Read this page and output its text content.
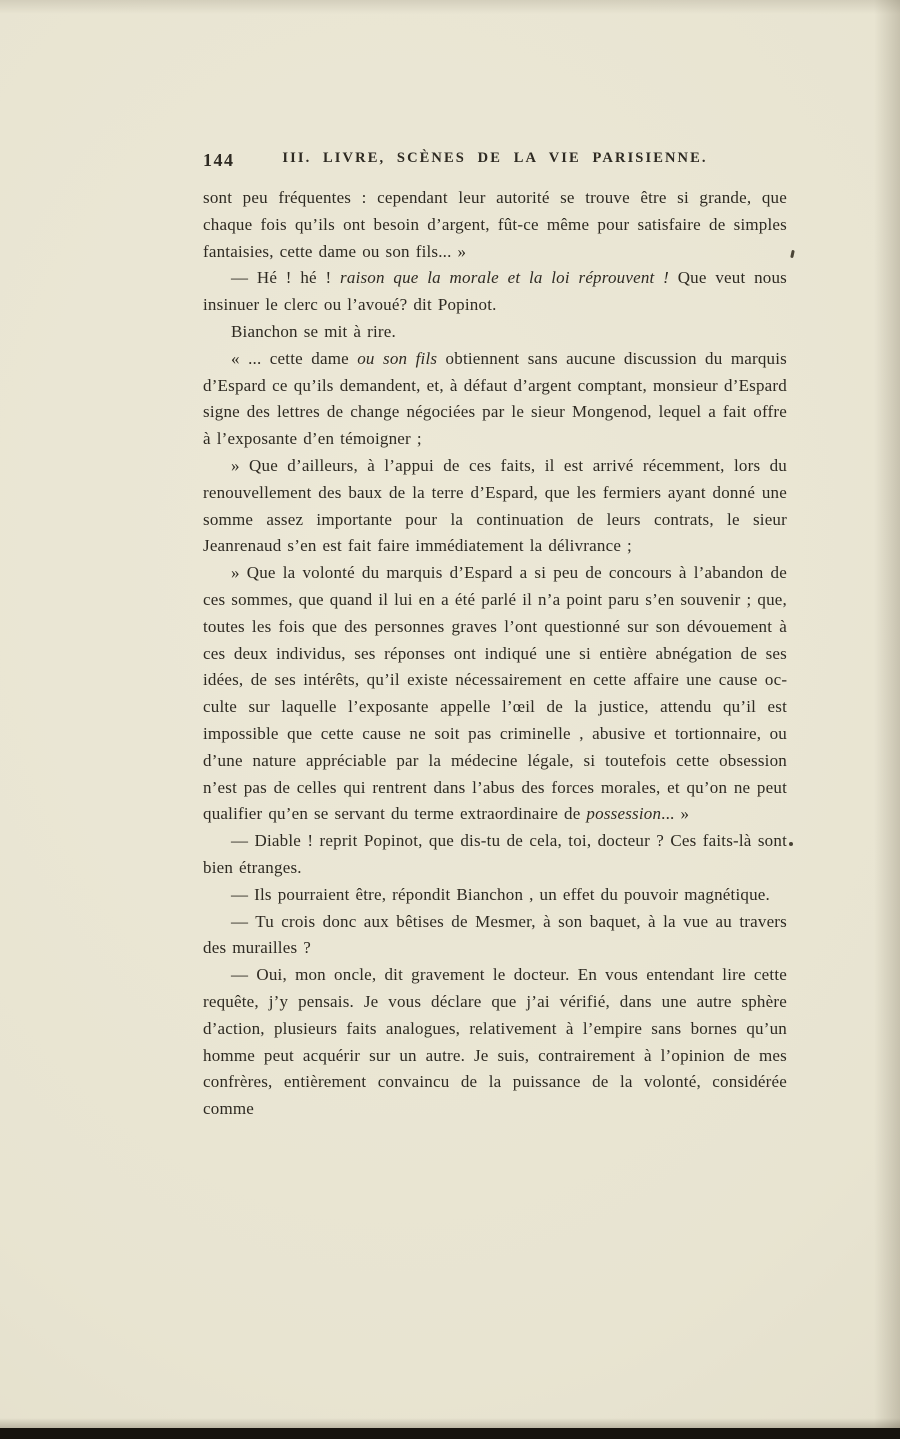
144	III. LIVRE, SCÈNES DE LA VIE PARISIENNE.

sont peu fréquentes : cependant leur autorité se trouve être si grande, que chaque fois qu’ils ont besoin d’argent, fût-ce même pour satisfaire de simples fantaisies, cette dame ou son fils... »

— Hé ! hé ! raison que la morale et la loi réprouvent ! Que veut nous insinuer le clerc ou l’avoué? dit Popinot.

Bianchon se mit à rire.

« ... cette dame ou son fils obtiennent sans aucune discussion du marquis d’Espard ce qu’ils demandent, et, à défaut d’argent comptant, monsieur d’Espard signe des lettres de change négociées par le sieur Mongenod, lequel a fait offre à l’exposante d’en témoigner ;

» Que d’ailleurs, à l’appui de ces faits, il est arrivé récemment, lors du renouvellement des baux de la terre d’Espard, que les fermiers ayant donné une somme assez importante pour la continuation de leurs contrats, le sieur Jeanrenaud s’en est fait faire immédiatement la délivrance ;

» Que la volonté du marquis d’Espard a si peu de concours à l’abandon de ces sommes, que quand il lui en a été parlé il n’a point paru s’en souvenir ; que, toutes les fois que des personnes graves l’ont questionné sur son dévouement à ces deux individus, ses réponses ont indiqué une si entière abnégation de ses idées, de ses intérêts, qu’il existe nécessairement en cette affaire une cause occulte sur laquelle l’exposante appelle l’œil de la justice, attendu qu’il est impossible que cette cause ne soit pas criminelle , abusive et tortionnaire, ou d’une nature appréciable par la médecine légale, si toutefois cette obsession n’est pas de celles qui rentrent dans l’abus des forces morales, et qu’on ne peut qualifier qu’en se servant du terme extraordinaire de possession... »

— Diable ! reprit Popinot, que dis-tu de cela, toi, docteur ? Ces faits-là sont bien étranges.

— Ils pourraient être, répondit Bianchon , un effet du pouvoir magnétique.

— Tu crois donc aux bêtises de Mesmer, à son baquet, à la vue au travers des murailles ?

— Oui, mon oncle, dit gravement le docteur. En vous entendant lire cette requête, j’y pensais. Je vous déclare que j’ai vérifié, dans une autre sphère d’action, plusieurs faits analogues, relativement à l’empire sans bornes qu’un homme peut acquérir sur un autre. Je suis, contrairement à l’opinion de mes confrères, entièrement convaincu de la puissance de la volonté, considérée comme
